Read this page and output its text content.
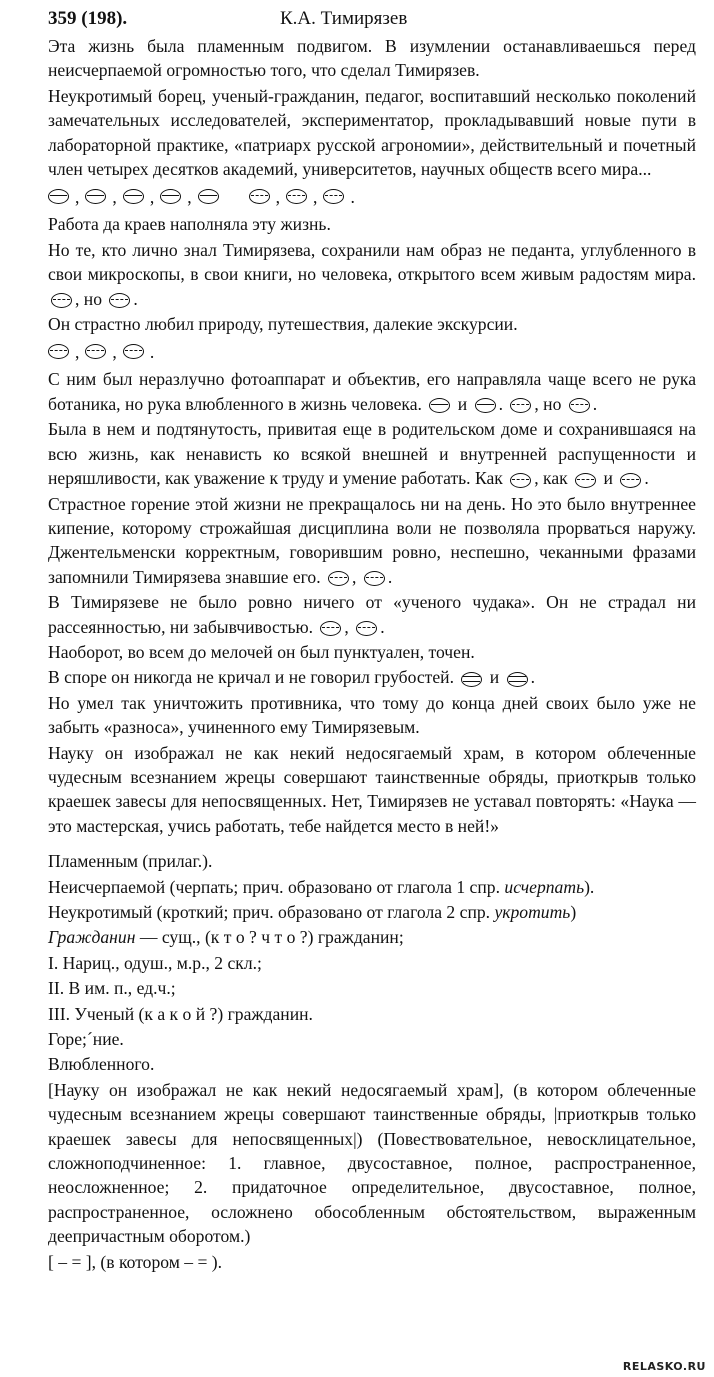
359 (198).	К.А. Тимирязев

Эта жизнь была пламенным подвигом. В изумлении останавливаешься перед неисчерпаемой огромностью того, что сделал Тимирязев.

Неукротимый борец, ученый-гражданин, педагог, воспитавший несколько поколений замечательных исследователей, экспериментатор, прокладывавший новые пути в лабораторной практике, «патриарх русской агрономии», действительный и почетный член четырех десятков академий, университетов, научных обществ всего мира...

,
,
,
,	,
,
.

Работа да краев наполняла эту жизнь.

Но те, кто лично знал Тимирязева, сохранили нам образ не педанта, углубленного в свои микроскопы, в свои книги, но человека, открытого всем живым радостям мира. , но .

Он страстно любил природу, путешествия, далекие экскурсии.

,
,
.

С ним был неразлучно фотоаппарат и объектив, его направляла чаще всего не рука ботаника, но рука влюбленного в жизнь человека. и . , но .

Была в нем и подтянутость, привитая еще в родительском доме и сохранившаяся на всю жизнь, как ненависть ко всякой внешней и внутренней распущенности и неряшливости, как уважение к труду и умение работать. Как , как и .

Страстное горение этой жизни не прекращалось ни на день. Но это было внутреннее кипение, которому строжайшая дисциплина воли не позволяла прорваться наружу. Джентельменски корректным, говорившим ровно, неспешно, чеканными фразами запомнили Тимирязева знавшие его. , .

В Тимирязеве не было ровно ничего от «ученого чудака». Он не страдал ни рассеянностью, ни забывчивостью. , .

Наоборот, во всем до мелочей он был пунктуален, точен.

В споре он никогда не кричал и не говорил грубостей. и .

Но умел так уничтожить противника, что тому до конца дней своих было уже не забыть «разноса», учиненного ему Тимирязевым.

Науку он изображал не как некий недосягаемый храм, в котором облеченные чудесным всезнанием жрецы совершают таинственные обряды, приоткрыв только краешек завесы для непосвященных. Нет, Тимирязев не уставал повторять: «Наука — это мастерская, учись работать, тебе найдется место в ней!»

Пламенным (прилаг.).

Неисчерпаемой (черпать; прич. образовано от глагола 1 спр. исчерпать).

Неукротимый (кроткий; прич. образовано от глагола 2 спр. укротить)

Гражданин — сущ., (к т о ? ч т о ?) гражданин;

I. Нариц., одуш., м.р., 2 скл.;

II. В им. п., ед.ч.;

III. Ученый (к а к о й ?) гражданин.

Горе;´ние.

Влюбленного.

[Науку он изображал не как некий недосягаемый храм], (в котором облеченные чудесным всезнанием жрецы совершают таинственные обряды, |приоткрыв только краешек завесы для непосвященных|) (Повествовательное, невосклицательное, сложноподчиненное: 1. главное, двусоставное, полное, распространенное, неосложненное; 2. придаточное определительное, двусоставное, полное, распространенное, осложнено обособленным обстоятельством, выраженным деепричастным оборотом.)

[ – = ], (в котором – = ).

RELASKO.RU
